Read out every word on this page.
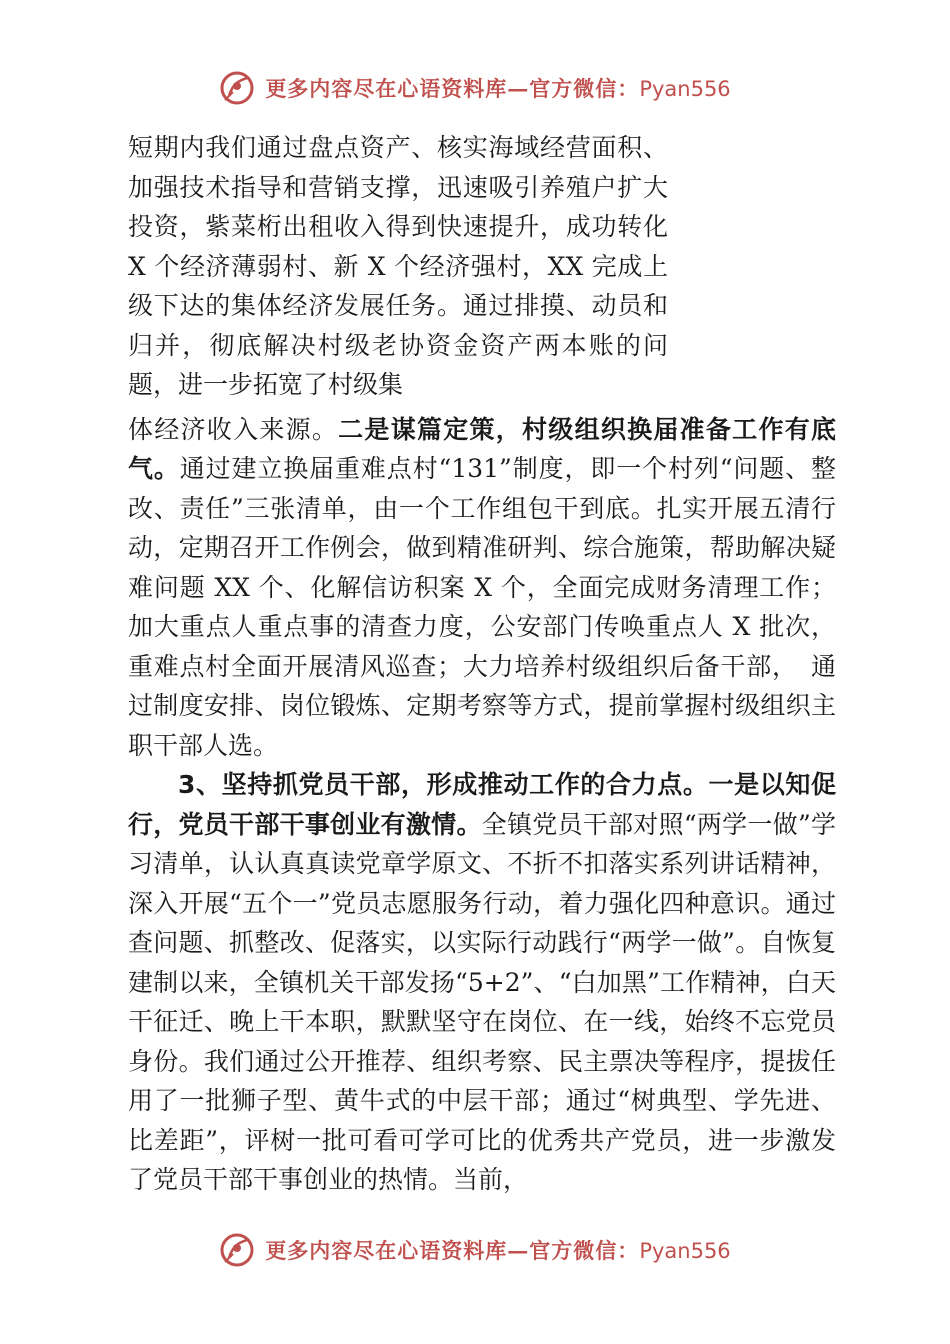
更多内容尽在心语资料库—官方微信：Pyan556

短期内我们通过盘点资产、核实海域经营面积、加强技术指导和营销支撑，迅速吸引养殖户扩大投资，紫菜桁出租收入得到快速提升，成功转化 X 个经济薄弱村、新 X 个经济强村，XX 完成上级下达的集体经济发展任务。通过排摸、动员和归并，彻底解决村级老协资金资产两本账的问题，进一步拓宽了村级集

体经济收入来源。二是谋篇定策，村级组织换届准备工作有底气。通过建立换届重难点村“131”制度，即一个村列“问题、整改、责任”三张清单，由一个工作组包干到底。扎实开展五清行动，定期召开工作例会，做到精准研判、综合施策，帮助解决疑难问题 XX 个、化解信访积案 X 个，全面完成财务清理工作；加大重点人重点事的清查力度，公安部门传唤重点人 X 批次，重难点村全面开展清风巡查；大力培养村级组织后备干部，　通过制度安排、岗位锻炼、定期考察等方式，提前掌握村级组织主职干部人选。

3、坚持抓党员干部，形成推动工作的合力点。一是以知促行，党员干部干事创业有激情。全镇党员干部对照“两学一做”学习清单，认认真真读党章学原文、不折不扣落实系列讲话精神，深入开展“五个一”党员志愿服务行动，着力强化四种意识。通过查问题、抓整改、促落实，以实际行动践行“两学一做”。自恢复建制以来，全镇机关干部发扬“5+2”、“白加黑”工作精神，白天干征迁、晚上干本职，默默坚守在岗位、在一线，始终不忘党员身份。我们通过公开推荐、组织考察、民主票决等程序，提拔任用了一批狮子型、黄牛式的中层干部；通过“树典型、学先进、比差距”，评树一批可看可学可比的优秀共产党员，进一步激发了党员干部干事创业的热情。当前，

更多内容尽在心语资料库—官方微信：Pyan556
